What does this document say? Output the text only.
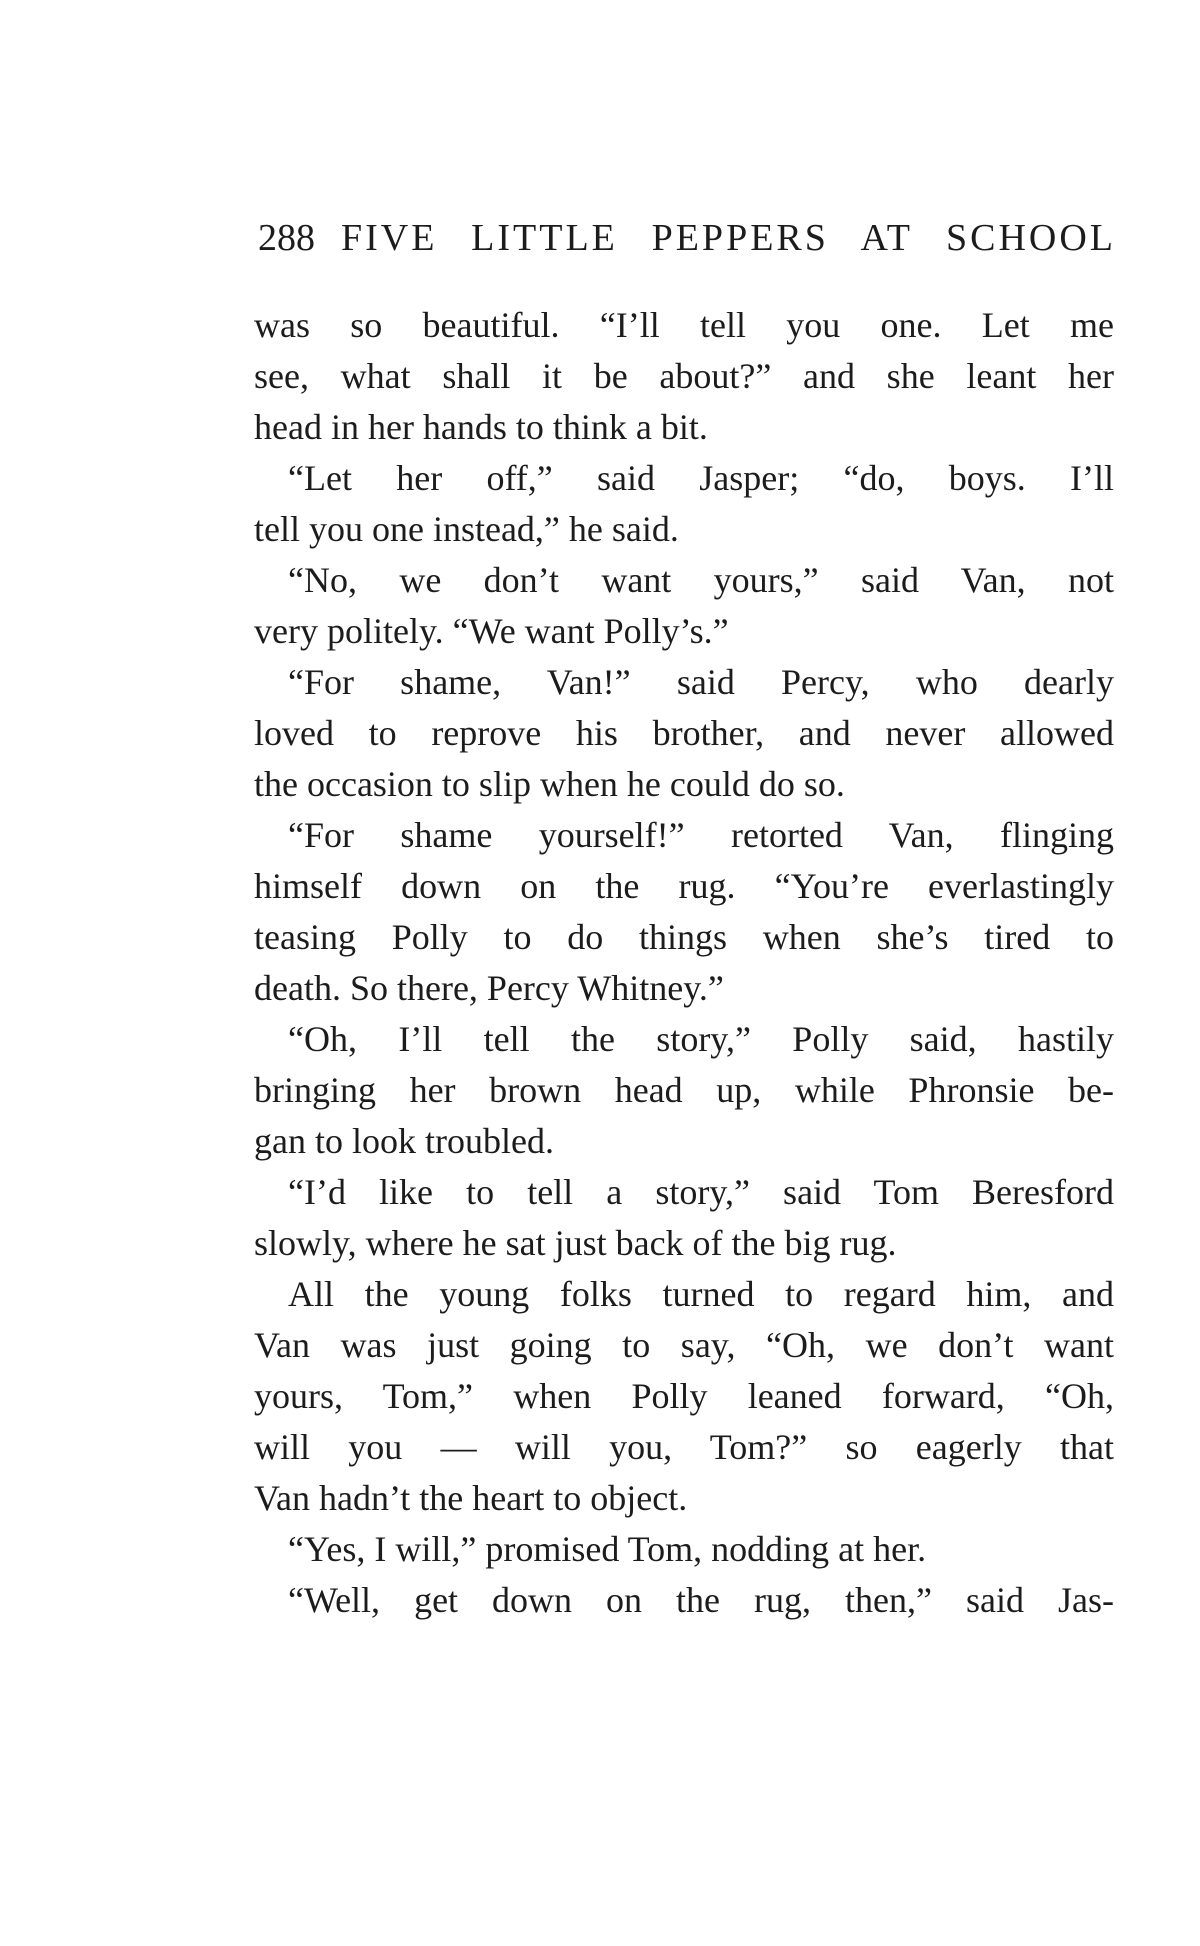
288 FIVE LITTLE PEPPERS AT SCHOOL
was so beautiful. “I’ll tell you one. Let me
see, what shall it be about?” and she leant her
head in her hands to think a bit.
“Let her off,” said Jasper; “do, boys. I’ll
tell you one instead,” he said.
“No, we don’t want yours,” said Van, not
very politely. “We want Polly’s.”
“For shame, Van!” said Percy, who dearly
loved to reprove his brother, and never allowed
the occasion to slip when he could do so.
“For shame yourself!” retorted Van, flinging
himself down on the rug. “You’re everlastingly
teasing Polly to do things when she’s tired to
death. So there, Percy Whitney.”
“Oh, I’ll tell the story,” Polly said, hastily
bringing her brown head up, while Phronsie be-
gan to look troubled.
“I’d like to tell a story,” said Tom Beresford
slowly, where he sat just back of the big rug.
All the young folks turned to regard him, and
Van was just going to say, “Oh, we don’t want
yours, Tom,” when Polly leaned forward, “Oh,
will you — will you, Tom?” so eagerly that
Van hadn’t the heart to object.
“Yes, I will,” promised Tom, nodding at her.
“Well, get down on the rug, then,” said Jas-
